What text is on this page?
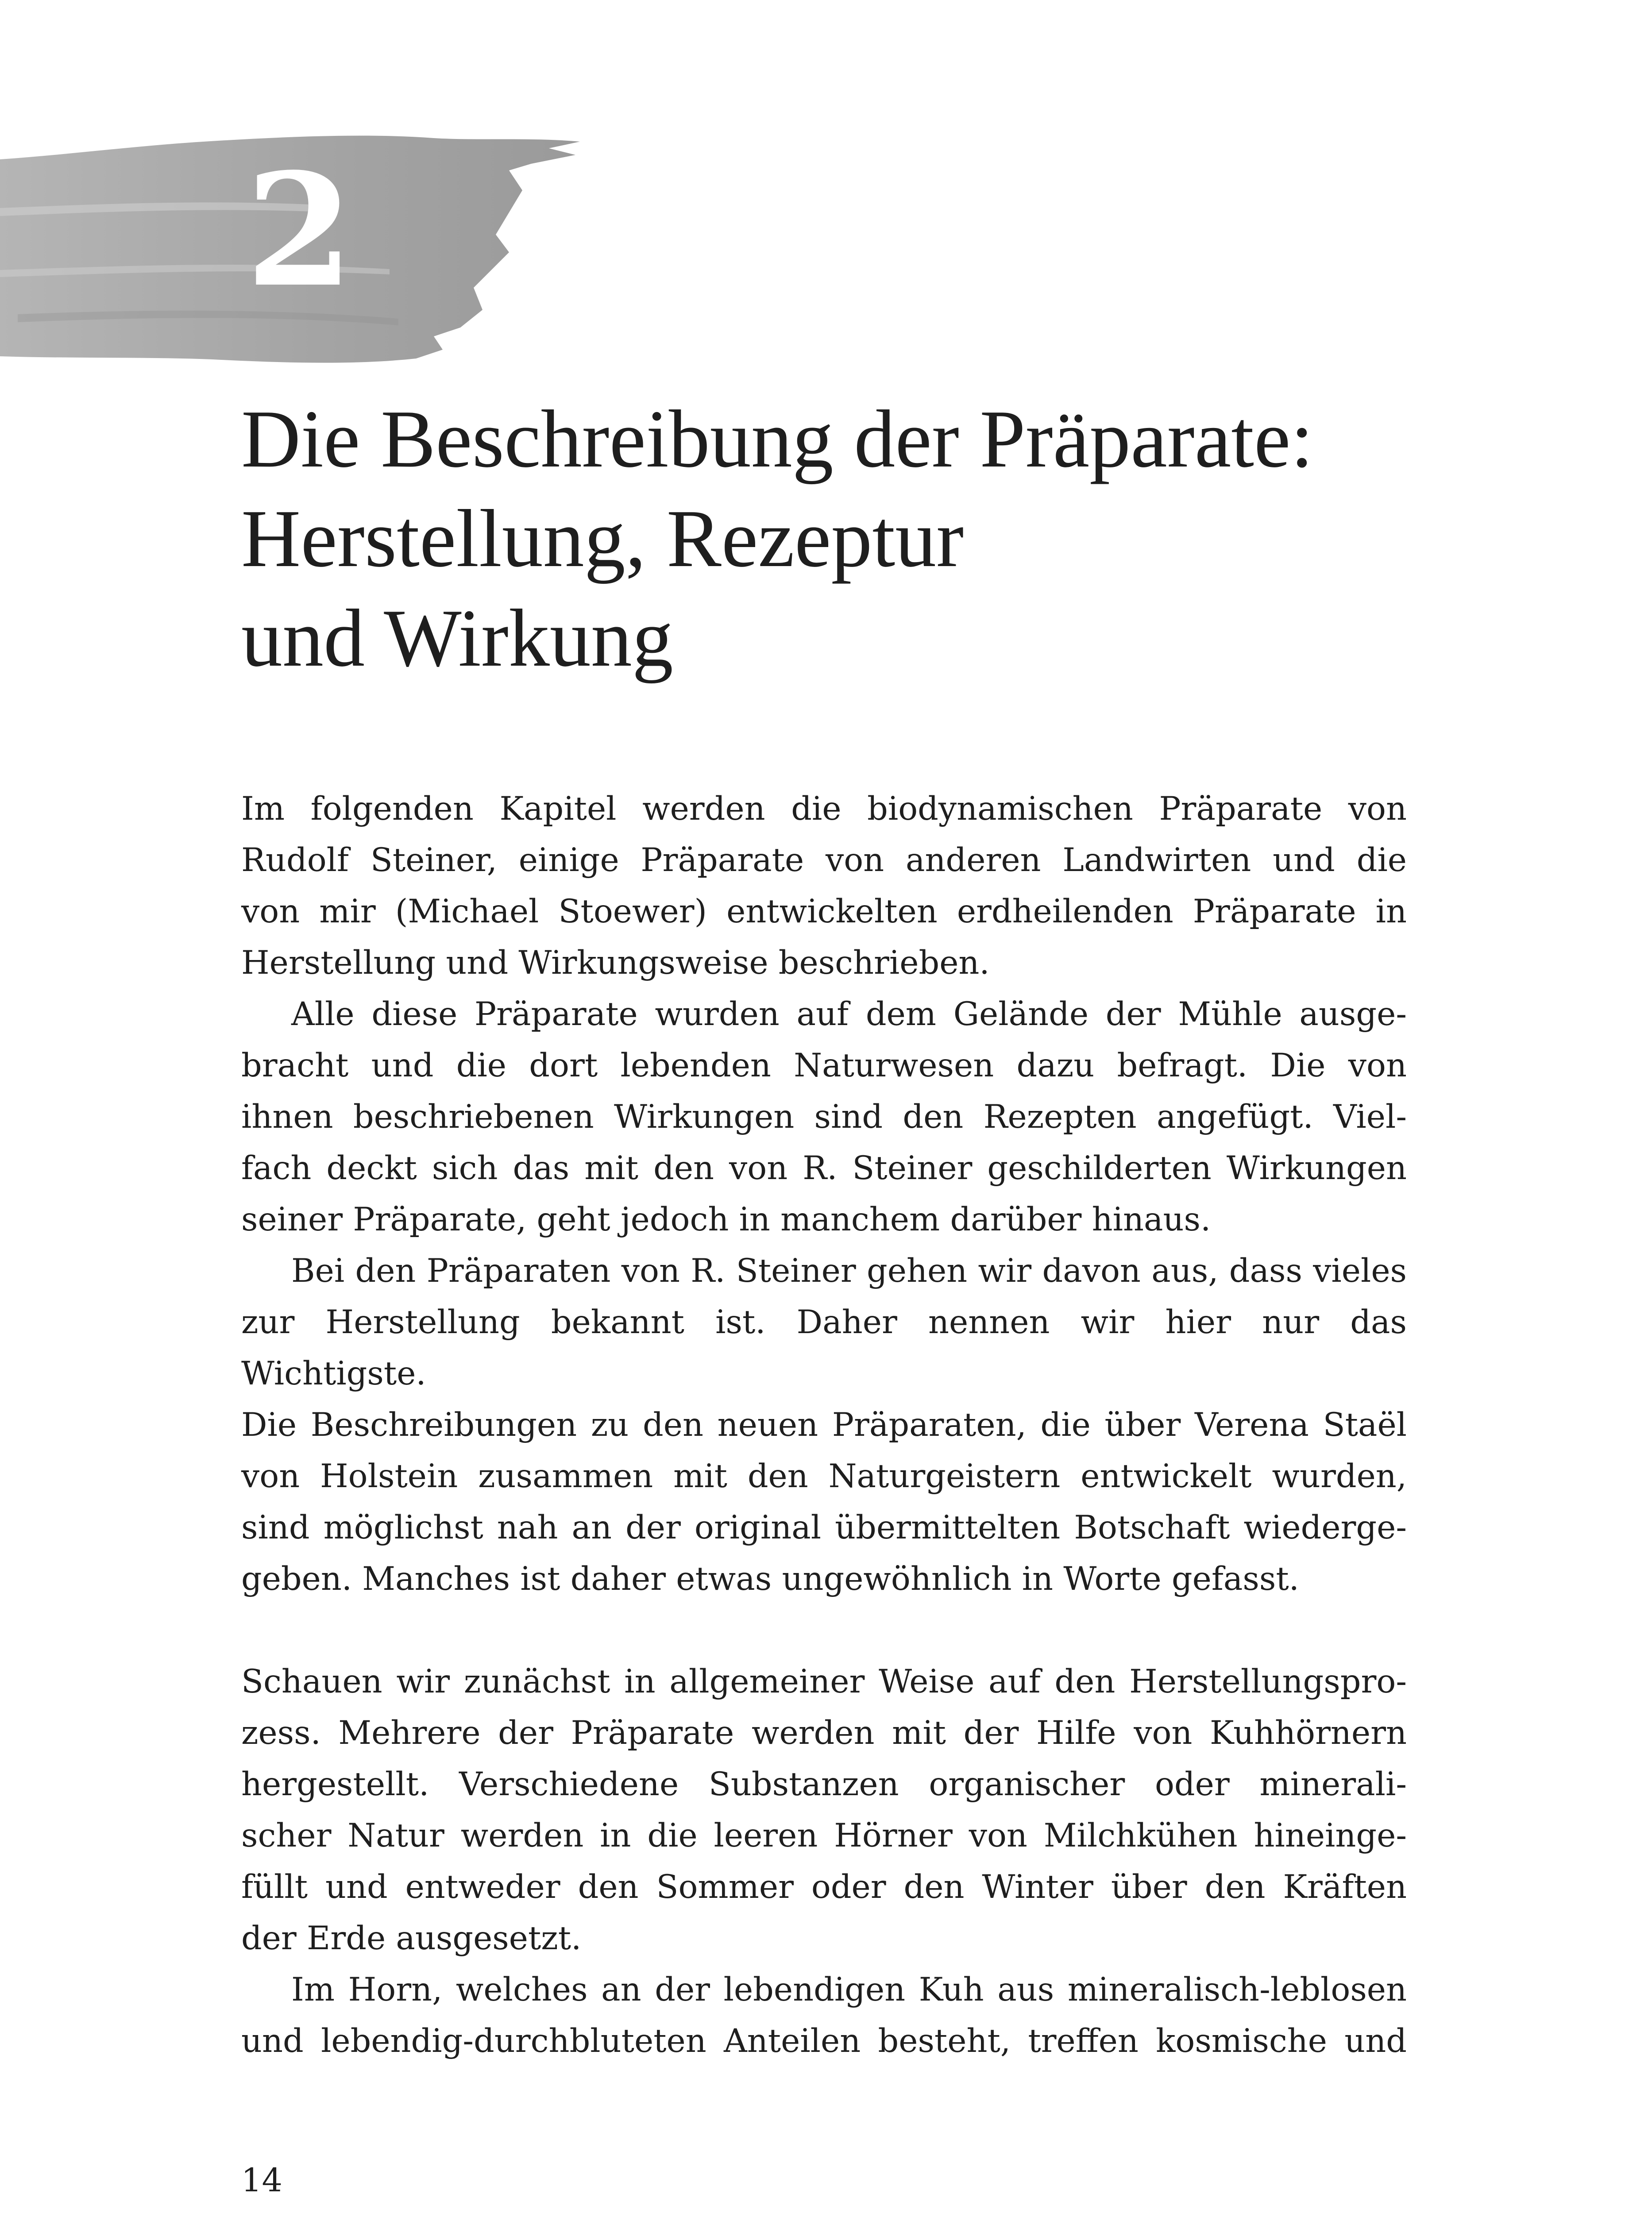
2
Die Beschreibung der Präparate:
Herstellung, Rezeptur
und Wirkung

Im folgenden Kapitel werden die biodynamischen Präparate von

Rudolf Steiner, einige Präparate von anderen Landwirten und die

von mir (Michael Stoewer) entwickelten erdheilenden Präparate in

Herstellung und Wirkungsweise beschrieben.

Alle diese Präparate wurden auf dem Gelände der Mühle ausge-

bracht und die dort lebenden Naturwesen dazu befragt. Die von

ihnen beschriebenen Wirkungen sind den Rezepten angefügt. Viel-

fach deckt sich das mit den von R. Steiner geschilderten Wirkungen

seiner Präparate, geht jedoch in manchem darüber hinaus.

Bei den Präparaten von R. Steiner gehen wir davon aus, dass vieles

zur Herstellung bekannt ist. Daher nennen wir hier nur das Wichtigste.

Die Beschreibungen zu den neuen Präparaten, die über Verena Staël

von Holstein zusammen mit den Naturgeistern entwickelt wurden,

sind möglichst nah an der original übermittelten Botschaft wiederge-

geben. Manches ist daher etwas ungewöhnlich in Worte gefasst.

Schauen wir zunächst in allgemeiner Weise auf den Herstellungspro-

zess. Mehrere der Präparate werden mit der Hilfe von Kuhhörnern

hergestellt. Verschiedene Substanzen organischer oder minerali-

scher Natur werden in die leeren Hörner von Milchkühen hineinge-

füllt und entweder den Sommer oder den Winter über den Kräften

der Erde ausgesetzt.

Im Horn, welches an der lebendigen Kuh aus mineralisch-leblosen

und lebendig-durchbluteten Anteilen besteht, treffen kosmische und

14
